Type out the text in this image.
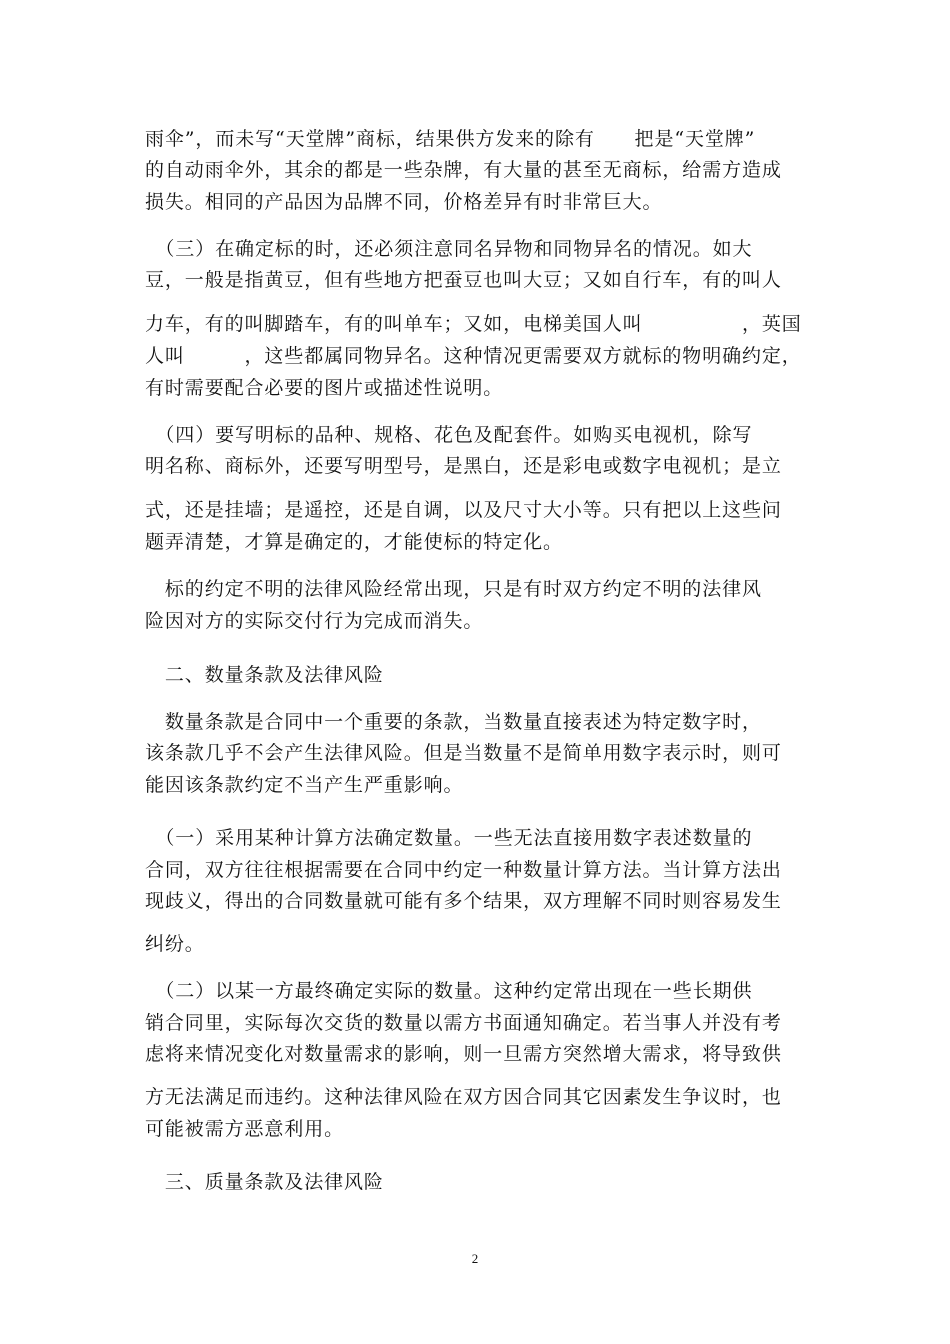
雨伞”，而未写“天堂牌”商标，结果供方发来的除有　　把是“天堂牌”
的自动雨伞外，其余的都是一些杂牌，有大量的甚至无商标，给需方造成
损失。相同的产品因为品牌不同，价格差异有时非常巨大。
　（三）在确定标的时，还必须注意同名异物和同物异名的情况。如大
豆，一般是指黄豆，但有些地方把蚕豆也叫大豆；又如自行车，有的叫人
力车，有的叫脚踏车，有的叫单车；又如，电梯美国人叫　　　　　，英国
人叫　　　，这些都属同物异名。这种情况更需要双方就标的物明确约定，
有时需要配合必要的图片或描述性说明。
　（四）要写明标的品种、规格、花色及配套件。如购买电视机，除写
明名称、商标外，还要写明型号，是黑白，还是彩电或数字电视机；是立
式，还是挂墙；是遥控，还是自调，以及尺寸大小等。只有把以上这些问
题弄清楚，才算是确定的，才能使标的特定化。
　标的约定不明的法律风险经常出现，只是有时双方约定不明的法律风
险因对方的实际交付行为完成而消失。
　二、数量条款及法律风险
　数量条款是合同中一个重要的条款，当数量直接表述为特定数字时，
该条款几乎不会产生法律风险。但是当数量不是简单用数字表示时，则可
能因该条款约定不当产生严重影响。
　（一）采用某种计算方法确定数量。一些无法直接用数字表述数量的
合同，双方往往根据需要在合同中约定一种数量计算方法。当计算方法出
现歧义，得出的合同数量就可能有多个结果，双方理解不同时则容易发生
纠纷。
　（二）以某一方最终确定实际的数量。这种约定常出现在一些长期供
销合同里，实际每次交货的数量以需方书面通知确定。若当事人并没有考
虑将来情况变化对数量需求的影响，则一旦需方突然增大需求，将导致供
方无法满足而违约。这种法律风险在双方因合同其它因素发生争议时，也
可能被需方恶意利用。
　三、质量条款及法律风险
2
